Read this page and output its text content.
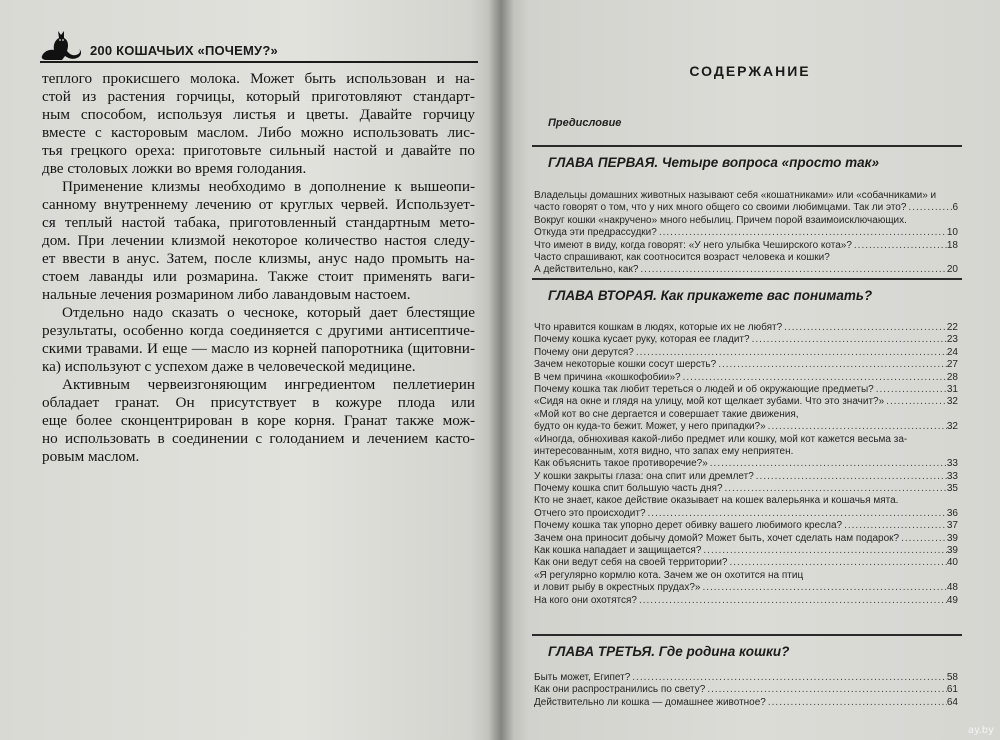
200 КОШАЧЬИХ «ПОЧЕМУ?»
теплого прокисшего молока. Может быть использован и на-
стой из растения горчицы, который приготовляют стандарт-
ным способом, используя листья и цветы. Давайте горчицу
вместе с касторовым маслом. Либо можно использовать лис-
тья грецкого ореха: приготовьте сильный настой и давайте по
две столовых ложки во время голодания.
Применение клизмы необходимо в дополнение к вышеопи-
санному внутреннему лечению от круглых червей. Использует-
ся теплый настой табака, приготовленный стандартным мето-
дом. При лечении клизмой некоторое количество настоя следу-
ет ввести в анус. Затем, после клизмы, анус надо промыть на-
стоем лаванды или розмарина. Также стоит применять ваги-
нальные лечения розмарином либо лавандовым настоем.
Отдельно надо сказать о чесноке, который дает блестящие
результаты, особенно когда соединяется с другими антисептиче-
скими травами. И еще — масло из корней папоротника (щитовни-
ка) используют с успехом даже в человеческой медицине.
Активным червеизгоняющим ингредиентом пеллетиерин
обладает гранат. Он присутствует в кожуре плода или
еще более сконцентрирован в коре корня. Гранат также мож-
но использовать в соединении с голоданием и лечением касто-
ровым маслом.
СОДЕРЖАНИЕ
Предисловие
ГЛАВА ПЕРВАЯ. Четыре вопроса «просто так»
Владельцы домашних животных называют себя «кошатниками» или «собачниками» и
часто говорят о том, что у них много общего со своими любимцами. Так ли это? .....	6
Вокруг кошки «накручено» много небылиц. Причем порой взаимоисключающих.
Откуда эти предрассудки? .....	10
Что имеют в виду, когда говорят: «У него улыбка Чеширского кота»? .....	18
Часто спрашивают, как соотносится возраст человека и кошки?
А действительно, как? .....	20
ГЛАВА ВТОРАЯ. Как прикажете вас понимать?
Что нравится кошкам в людях, которые их не любят? .....	22
Почему кошка кусает руку, которая ее гладит? .....	23
Почему они дерутся? .....	24
Зачем некоторые кошки сосут шерсть? .....	27
В чем причина «кошкофобии»? .....	28
Почему кошка так любит тереться о людей и об окружающие предметы? .....	31
«Сидя на окне и глядя на улицу, мой кот щелкает зубами. Что это значит?» .....	32
«Мой кот во сне дергается и совершает такие движения,
будто он куда-то бежит. Может, у него припадки?» .....	32
«Иногда, обнюхивая какой-либо предмет или кошку, мой кот кажется весьма за-
интересованным, хотя видно, что запах ему неприятен.
Как объяснить такое противоречие?» .....	33
У кошки закрыты глаза: она спит или дремлет? .....	33
Почему кошка спит большую часть дня? .....	35
Кто не знает, какое действие оказывает на кошек валерьянка и кошачья мята.
Отчего это происходит? .....	36
Почему кошка так упорно дерет обивку вашего любимого кресла? .....	37
Зачем она приносит добычу домой? Может быть, хочет сделать нам подарок? .....	39
Как кошка нападает и защищается? .....	39
Как они ведут себя на своей территории? .....	40
«Я регулярно кормлю кота. Зачем же он охотится на птиц
и ловит рыбу в окрестных прудах?» .....	48
На кого они охотятся? .....	49
ГЛАВА ТРЕТЬЯ. Где родина кошки?
Быть может, Египет? .....	58
Как они распространились по свету? .....	61
Действительно ли кошка — домашнее животное? .....	64
ay.by
